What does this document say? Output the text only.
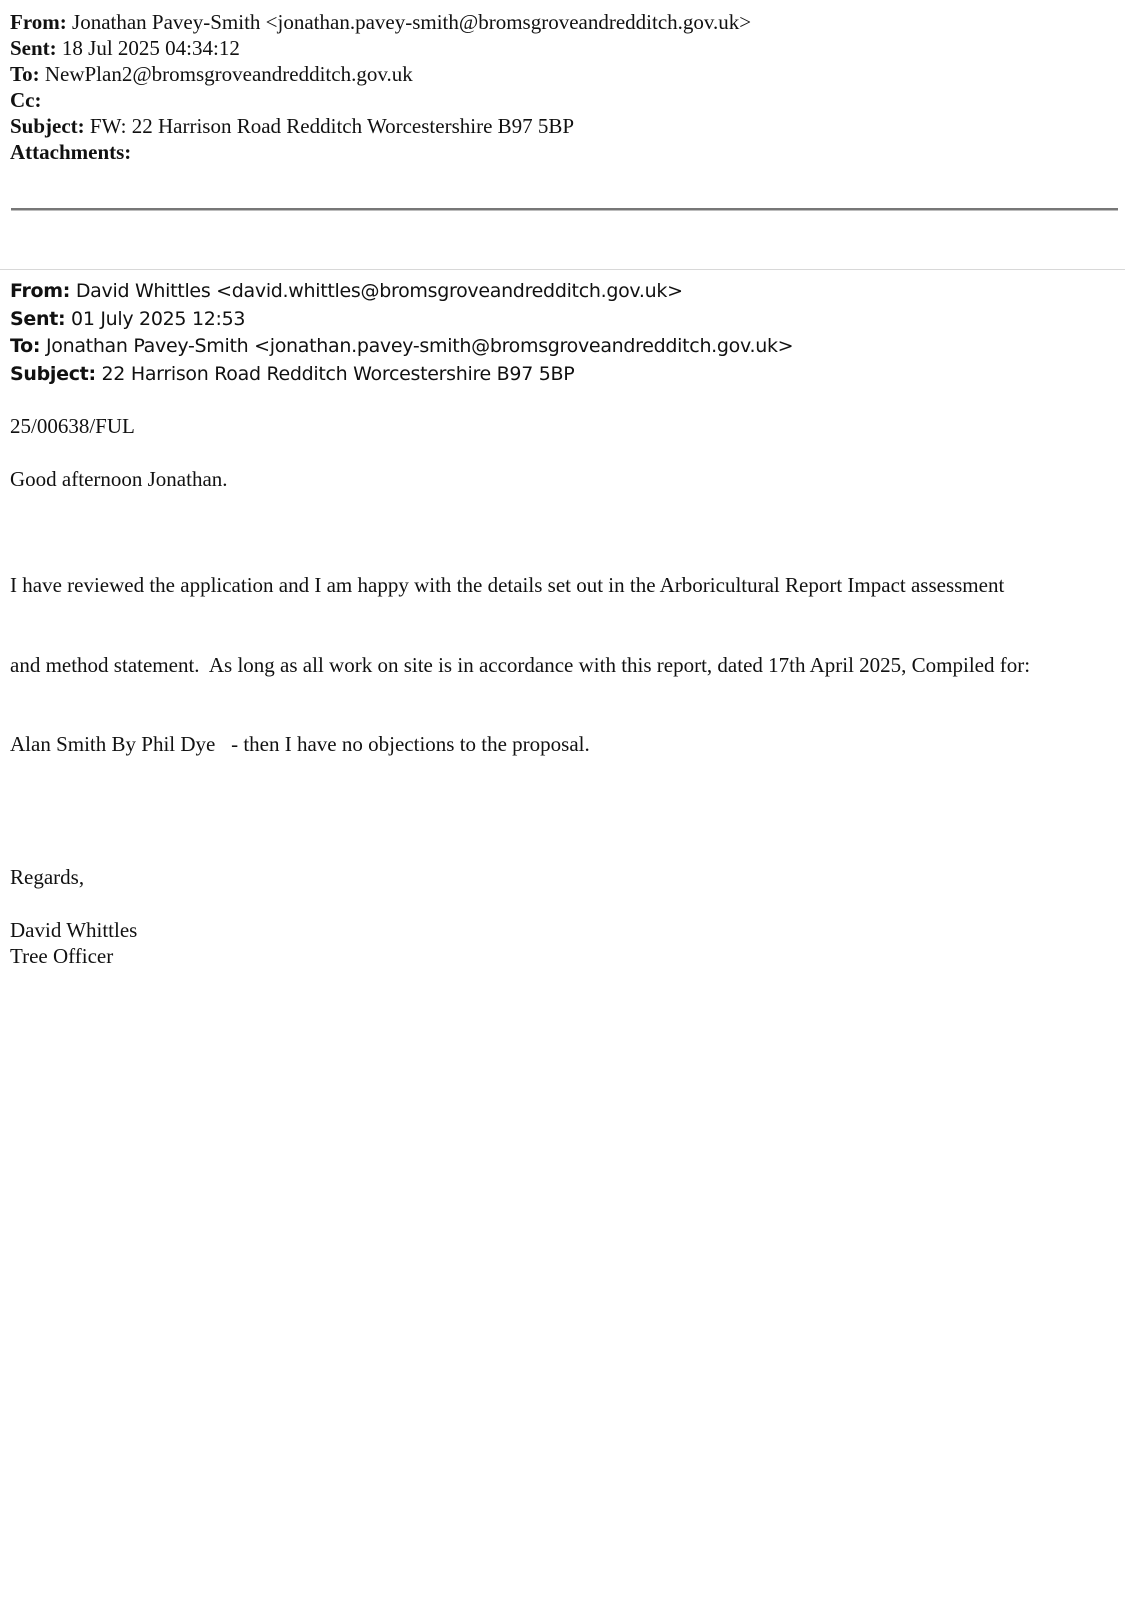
From: Jonathan Pavey-Smith <jonathan.pavey-smith@bromsgroveandredditch.gov.uk>
Sent: 18 Jul 2025 04:34:12
To: NewPlan2@bromsgroveandredditch.gov.uk
Cc:
Subject: FW: 22 Harrison Road Redditch Worcestershire B97 5BP
Attachments:
From: David Whittles <david.whittles@bromsgroveandredditch.gov.uk>
Sent: 01 July 2025 12:53
To: Jonathan Pavey-Smith <jonathan.pavey-smith@bromsgroveandredditch.gov.uk>
Subject: 22 Harrison Road Redditch Worcestershire B97 5BP

25/00638/FUL

Good afternoon Jonathan.

I have reviewed the application and I am happy with the details set out in the Arboricultural Report Impact assessment

and method statement.  As long as all work on site is in accordance with this report, dated 17th April 2025, Compiled for:

Alan Smith By Phil Dye   - then I have no objections to the proposal.

Regards,

David Whittles

Tree Officer
